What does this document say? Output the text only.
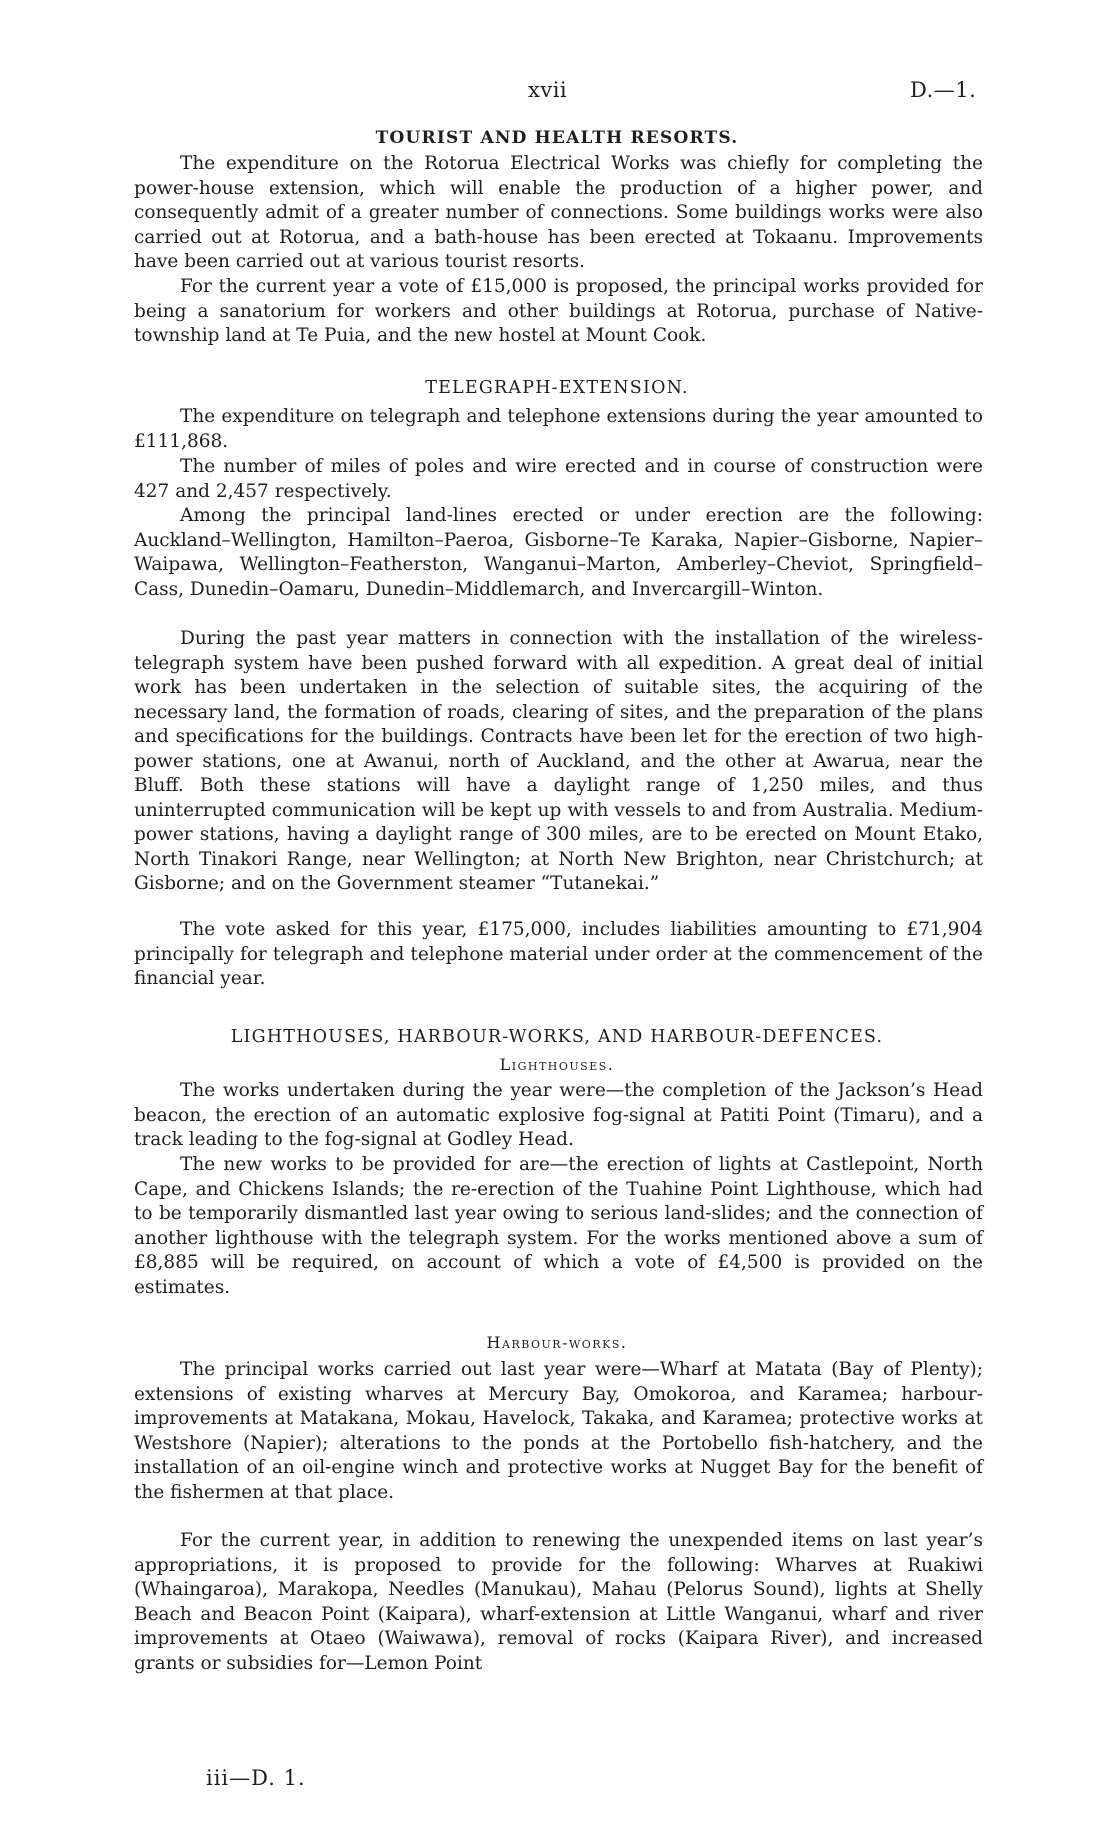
xvii	D.—1.
TOURIST AND HEALTH RESORTS.

The expenditure on the Rotorua Electrical Works was chiefly for completing the power-house extension, which will enable the production of a higher power, and consequently admit of a greater number of connections. Some buildings works were also carried out at Rotorua, and a bath-house has been erected at Tokaanu. Improvements have been carried out at various tourist resorts.

For the current year a vote of £15,000 is proposed, the principal works provided for being a sanatorium for workers and other buildings at Rotorua, purchase of Native-township land at Te Puia, and the new hostel at Mount Cook.

TELEGRAPH-EXTENSION.

The expenditure on telegraph and telephone extensions during the year amounted to £111,868.

The number of miles of poles and wire erected and in course of construction were 427 and 2,457 respectively.

Among the principal land-lines erected or under erection are the following: Auckland–Wellington, Hamilton–Paeroa, Gisborne–Te Karaka, Napier–Gisborne, Napier–Waipawa, Wellington–Featherston, Wanganui–Marton, Amberley–Cheviot, Springfield–Cass, Dunedin–Oamaru, Dunedin–Middlemarch, and Invercargill–Winton.

During the past year matters in connection with the installation of the wireless-telegraph system have been pushed forward with all expedition. A great deal of initial work has been undertaken in the selection of suitable sites, the acquiring of the necessary land, the formation of roads, clearing of sites, and the preparation of the plans and specifications for the buildings. Contracts have been let for the erection of two high-power stations, one at Awanui, north of Auckland, and the other at Awarua, near the Bluff. Both these stations will have a daylight range of 1,250 miles, and thus uninterrupted communication will be kept up with vessels to and from Australia. Medium-power stations, having a daylight range of 300 miles, are to be erected on Mount Etako, North Tinakori Range, near Wellington; at North New Brighton, near Christchurch; at Gisborne; and on the Government steamer “Tutanekai.”

The vote asked for this year, £175,000, includes liabilities amounting to £71,904 principally for telegraph and telephone material under order at the commencement of the financial year.

LIGHTHOUSES, HARBOUR-WORKS, AND HARBOUR-DEFENCES.
Lighthouses.

The works undertaken during the year were—the completion of the Jackson’s Head beacon, the erection of an automatic explosive fog-signal at Patiti Point (Timaru), and a track leading to the fog-signal at Godley Head.

The new works to be provided for are—the erection of lights at Castlepoint, North Cape, and Chickens Islands; the re-erection of the Tuahine Point Lighthouse, which had to be temporarily dismantled last year owing to serious land-slides; and the connection of another lighthouse with the telegraph system. For the works mentioned above a sum of £8,885 will be required, on account of which a vote of £4,500 is provided on the estimates.

Harbour-works.

The principal works carried out last year were—Wharf at Matata (Bay of Plenty); extensions of existing wharves at Mercury Bay, Omokoroa, and Karamea; harbour-improvements at Matakana, Mokau, Havelock, Takaka, and Karamea; protective works at Westshore (Napier); alterations to the ponds at the Portobello fish-hatchery, and the installation of an oil-engine winch and protective works at Nugget Bay for the benefit of the fishermen at that place.

For the current year, in addition to renewing the unexpended items on last year’s appropriations, it is proposed to provide for the following: Wharves at Ruakiwi (Whaingaroa), Marakopa, Needles (Manukau), Mahau (Pelorus Sound), lights at Shelly Beach and Beacon Point (Kaipara), wharf-extension at Little Wanganui, wharf and river improvements at Otaeo (Waiwawa), removal of rocks (Kaipara River), and increased grants or subsidies for—Lemon Point

iii—D. 1.
